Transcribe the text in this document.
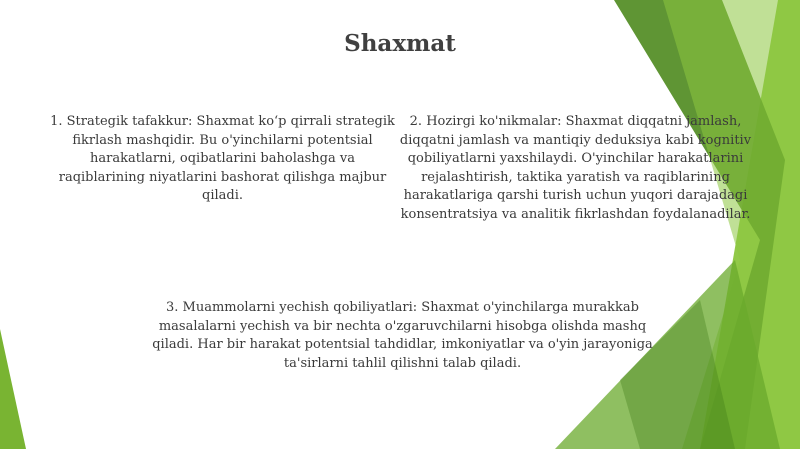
Shaxmat

1. Strategik tafakkur: Shaxmat ko‘p qirrali strategik fikrlash mashqidir. Bu o'yinchilarni potentsial harakatlarni, oqibatlarini baholashga va raqiblarining niyatlarini bashorat qilishga majbur qiladi.

2. Hozirgi ko'nikmalar: Shaxmat diqqatni jamlash, diqqatni jamlash va mantiqiy deduksiya kabi kognitiv qobiliyatlarni yaxshilaydi. O'yinchilar harakatlarini rejalashtirish, taktika yaratish va raqiblarining harakatlariga qarshi turish uchun yuqori darajadagi konsentratsiya va analitik fikrlashdan foydalanadilar.

3. Muammolarni yechish qobiliyatlari: Shaxmat o'yinchilarga murakkab masalalarni yechish va bir nechta o'zgaruvchilarni hisobga olishda mashq qiladi. Har bir harakat potentsial tahdidlar, imkoniyatlar va o'yin jarayoniga ta'sirlarni tahlil qilishni talab qiladi.
